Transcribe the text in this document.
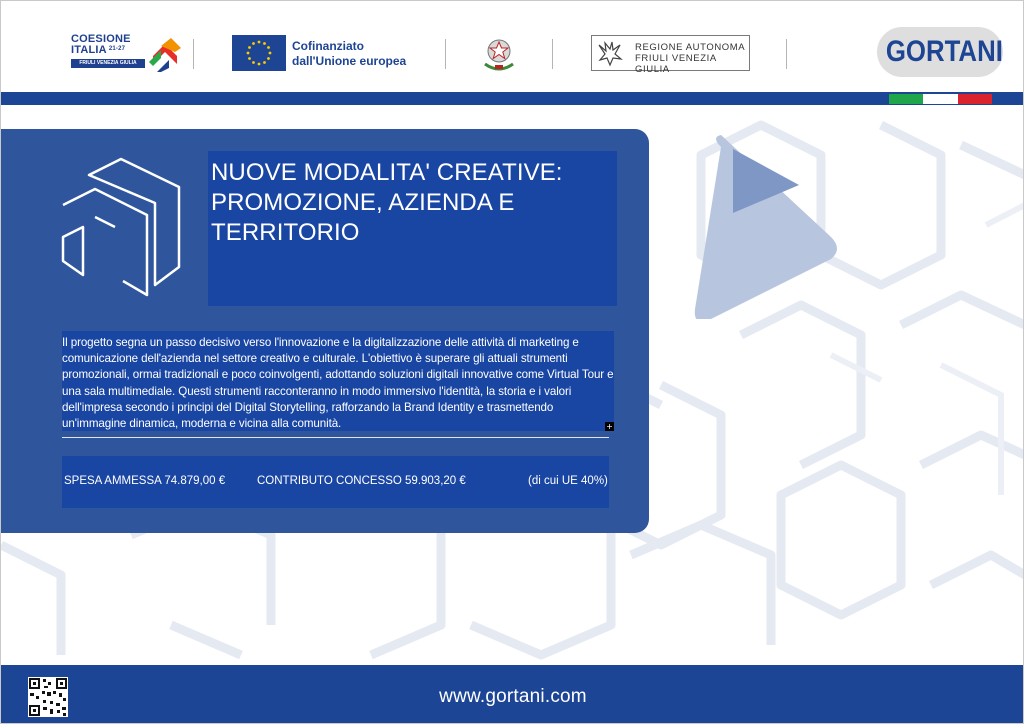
COESIONE
ITALIA $^{21-27}$
FRIULI VENEZIA GIULIA
Cofinanziato
dall'Unione europea
REGIONE AUTONOMA
FRIULI VENEZIA GIULIA
GORTANI
NUOVE MODALITA' CREATIVE: PROMOZIONE, AZIENDA E TERRITORIO
Il progetto segna un passo decisivo verso l'innovazione e la digitalizzazione delle attività di marketing e comunicazione dell'azienda nel settore creativo e culturale. L'obiettivo è superare gli attuali strumenti promozionali, ormai tradizionali e poco coinvolgenti, adottando soluzioni digitali innovative come Virtual Tour e una sala multimediale. Questi strumenti racconteranno in modo immersivo l'identità, la storia e i valori dell'impresa secondo i principi del Digital Storytelling, rafforzando la Brand Identity e trasmettendo un'immagine dinamica, moderna e vicina alla comunità.	+
SPESA AMMESSA 74.879,00 €	CONTRIBUTO CONCESSO 59.903,20 €	(di cui UE 40%)
www.gortani.com
